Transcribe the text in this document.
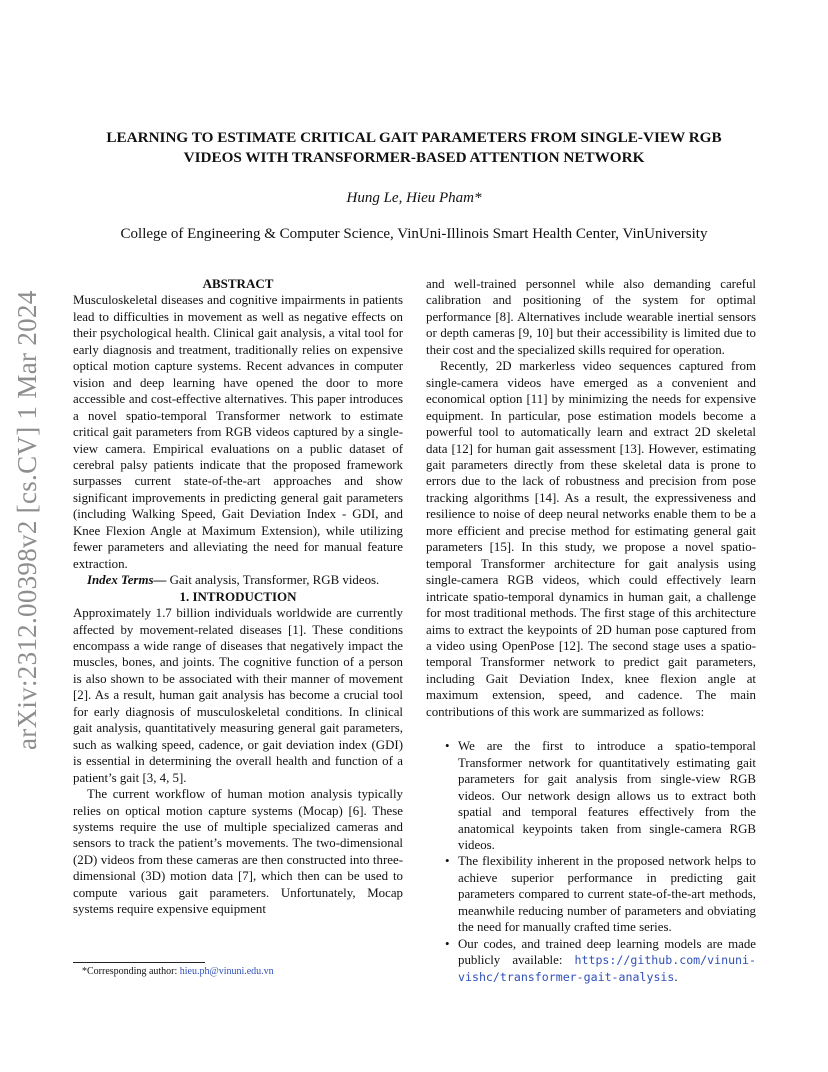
arXiv:2312.00398v2 [cs.CV] 1 Mar 2024
LEARNING TO ESTIMATE CRITICAL GAIT PARAMETERS FROM SINGLE-VIEW RGB
VIDEOS WITH TRANSFORMER-BASED ATTENTION NETWORK
Hung Le, Hieu Pham*
College of Engineering & Computer Science, VinUni-Illinois Smart Health Center, VinUniversity

ABSTRACT

Musculoskeletal diseases and cognitive impairments in patients lead to difficulties in movement as well as negative effects on their psychological health. Clinical gait analysis, a vital tool for early diagnosis and treatment, traditionally relies on expensive optical motion capture systems. Recent advances in computer vision and deep learning have opened the door to more accessible and cost-effective alternatives. This paper introduces a novel spatio-temporal Transformer network to estimate critical gait parameters from RGB videos captured by a single-view camera. Empirical evaluations on a public dataset of cerebral palsy patients indicate that the proposed framework surpasses current state-of-the-art approaches and show significant improvements in predicting general gait parameters (including Walking Speed, Gait Deviation Index - GDI, and Knee Flexion Angle at Maximum Extension), while utilizing fewer parameters and alleviating the need for manual feature extraction.

Index Terms— Gait analysis, Transformer, RGB videos.

1. INTRODUCTION

Approximately 1.7 billion individuals worldwide are currently affected by movement-related diseases [1]. These conditions encompass a wide range of diseases that negatively impact the muscles, bones, and joints. The cognitive function of a person is also shown to be associated with their manner of movement [2]. As a result, human gait analysis has become a crucial tool for early diagnosis of musculoskeletal conditions. In clinical gait analysis, quantitatively measuring general gait parameters, such as walking speed, cadence, or gait deviation index (GDI) is essential in determining the overall health and function of a patient’s gait [3, 4, 5].

The current workflow of human motion analysis typically relies on optical motion capture systems (Mocap) [6]. These systems require the use of multiple specialized cameras and sensors to track the patient’s movements. The two-dimensional (2D) videos from these cameras are then constructed into three-dimensional (3D) motion data [7], which then can be used to compute various gait parameters. Unfortunately, Mocap systems require expensive equipment

and well-trained personnel while also demanding careful calibration and positioning of the system for optimal performance [8]. Alternatives include wearable inertial sensors or depth cameras [9, 10] but their accessibility is limited due to their cost and the specialized skills required for operation.

Recently, 2D markerless video sequences captured from single-camera videos have emerged as a convenient and economical option [11] by minimizing the needs for expensive equipment. In particular, pose estimation models become a powerful tool to automatically learn and extract 2D skeletal data [12] for human gait assessment [13]. However, estimating gait parameters directly from these skeletal data is prone to errors due to the lack of robustness and precision from pose tracking algorithms [14]. As a result, the expressiveness and resilience to noise of deep neural networks enable them to be a more efficient and precise method for estimating general gait parameters [15]. In this study, we propose a novel spatio-temporal Transformer architecture for gait analysis using single-camera RGB videos, which could effectively learn intricate spatio-temporal dynamics in human gait, a challenge for most traditional methods. The first stage of this architecture aims to extract the keypoints of 2D human pose captured from a video using OpenPose [12]. The second stage uses a spatio-temporal Transformer network to predict gait parameters, including Gait Deviation Index, knee flexion angle at maximum extension, speed, and cadence. The main contributions of this work are summarized as follows:

• We are the first to introduce a spatio-temporal Transformer network for quantitatively estimating gait parameters for gait analysis from single-view RGB videos. Our network design allows us to extract both spatial and temporal features effectively from the anatomical keypoints taken from single-camera RGB videos.
• The flexibility inherent in the proposed network helps to achieve superior performance in predicting gait parameters compared to current state-of-the-art methods, meanwhile reducing number of parameters and obviating the need for manually crafted time series.
• Our codes, and trained deep learning models are made publicly available: https://github.com/vinuni-vishc/transformer-gait-analysis.
*Corresponding author: hieu.ph@vinuni.edu.vn
